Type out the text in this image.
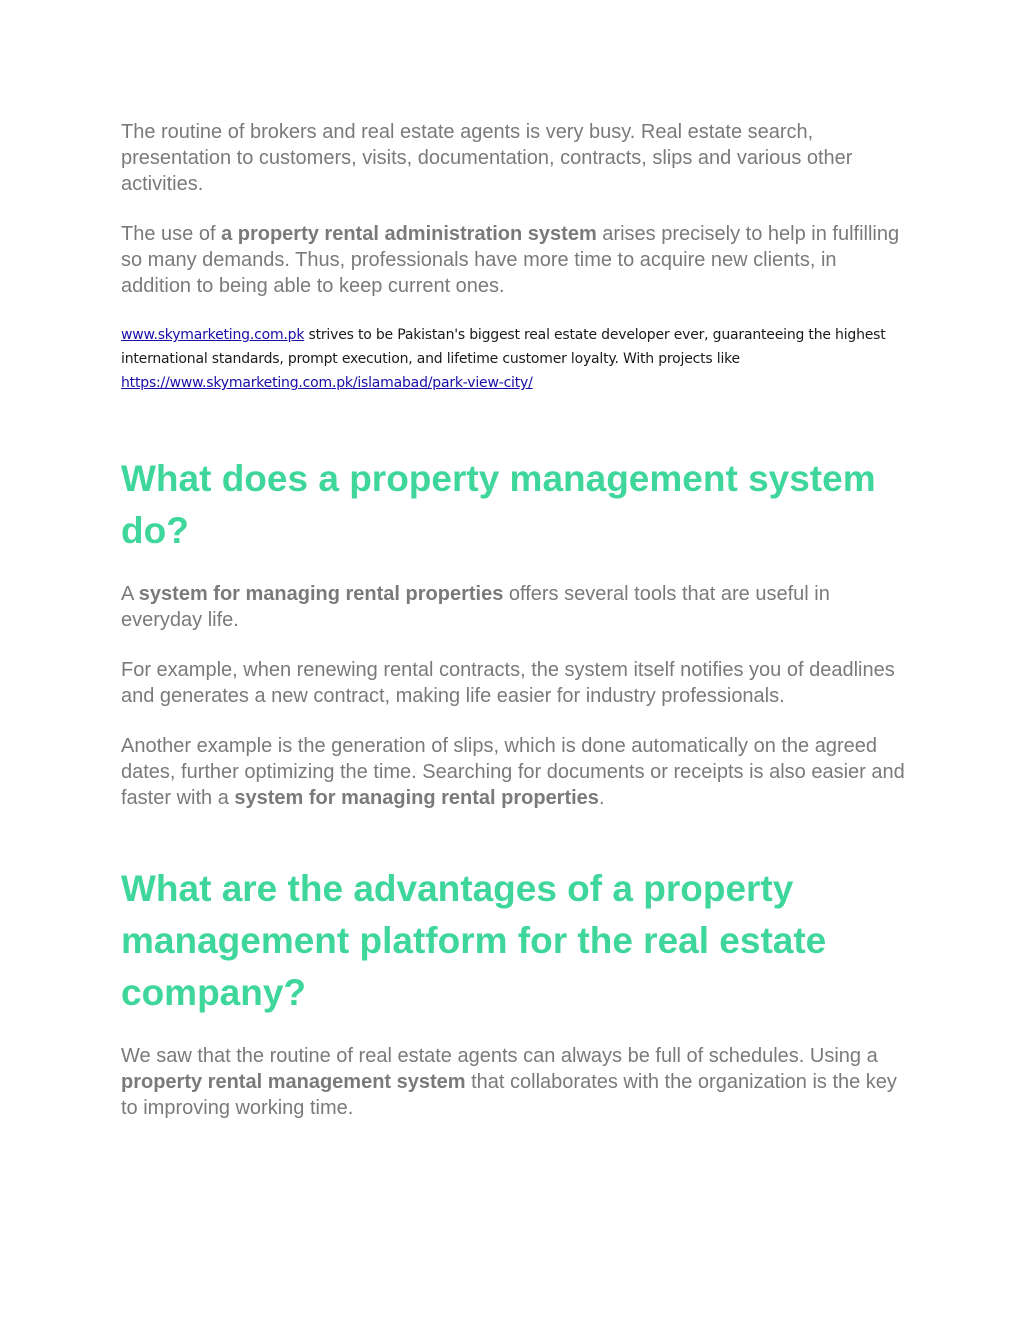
The routine of brokers and real estate agents is very busy. Real estate search, presentation to customers, visits, documentation, contracts, slips and various other activities.

The use of a property rental administration system arises precisely to help in fulfilling so many demands. Thus, professionals have more time to acquire new clients, in addition to being able to keep current ones.

www.skymarketing.com.pk strives to be Pakistan's biggest real estate developer ever, guaranteeing the highest international standards, prompt execution, and lifetime customer loyalty. With projects like https://www.skymarketing.com.pk/islamabad/park-view-city/

What does a property management system do?

A system for managing rental properties offers several tools that are useful in everyday life.

For example, when renewing rental contracts, the system itself notifies you of deadlines and generates a new contract, making life easier for industry professionals.

Another example is the generation of slips, which is done automatically on the agreed dates, further optimizing the time. Searching for documents or receipts is also easier and faster with a system for managing rental properties.

What are the advantages of a property management platform for the real estate company?

We saw that the routine of real estate agents can always be full of schedules. Using a property rental management system that collaborates with the organization is the key to improving working time.
